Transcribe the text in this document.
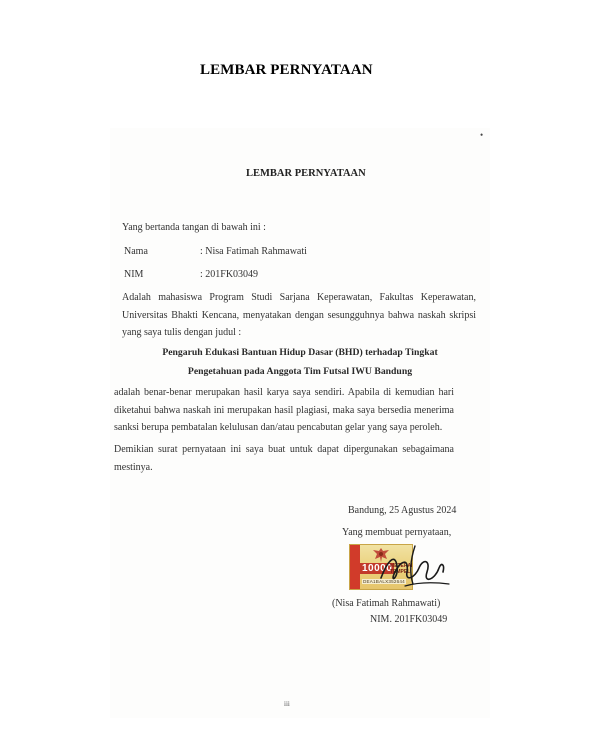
LEMBAR PERNYATAAN
•
LEMBAR PERNYATAAN
Yang bertanda tangan di bawah ini :
Nama	: Nisa Fatimah Rahmawati
NIM	: 201FK03049
Adalah mahasiswa Program Studi Sarjana Keperawatan, Fakultas Keperawatan, Universitas Bhakti Kencana, menyatakan dengan sesungguhnya bahwa naskah skripsi yang saya tulis dengan judul :
Pengaruh Edukasi Bantuan Hidup Dasar (BHD) terhadap Tingkat
Pengetahuan pada Anggota Tim Futsal IWU Bandung
adalah benar-benar merupakan hasil karya saya sendiri. Apabila di kemudian hari diketahui bahwa naskah ini merupakan hasil plagiasi, maka saya bersedia menerima sanksi berupa pembatalan kelulusan dan/atau pencabutan gelar yang saya peroleh.
Demikian surat pernyataan ini saya buat untuk dapat dipergunakan sebagaimana mestinya.
Bandung, 25 Agustus 2024
Yang membuat pernyataan,
10000
METERAI
TEMPEL
DEA1BALX352644
(Nisa Fatimah Rahmawati)
NIM. 201FK03049
iii
